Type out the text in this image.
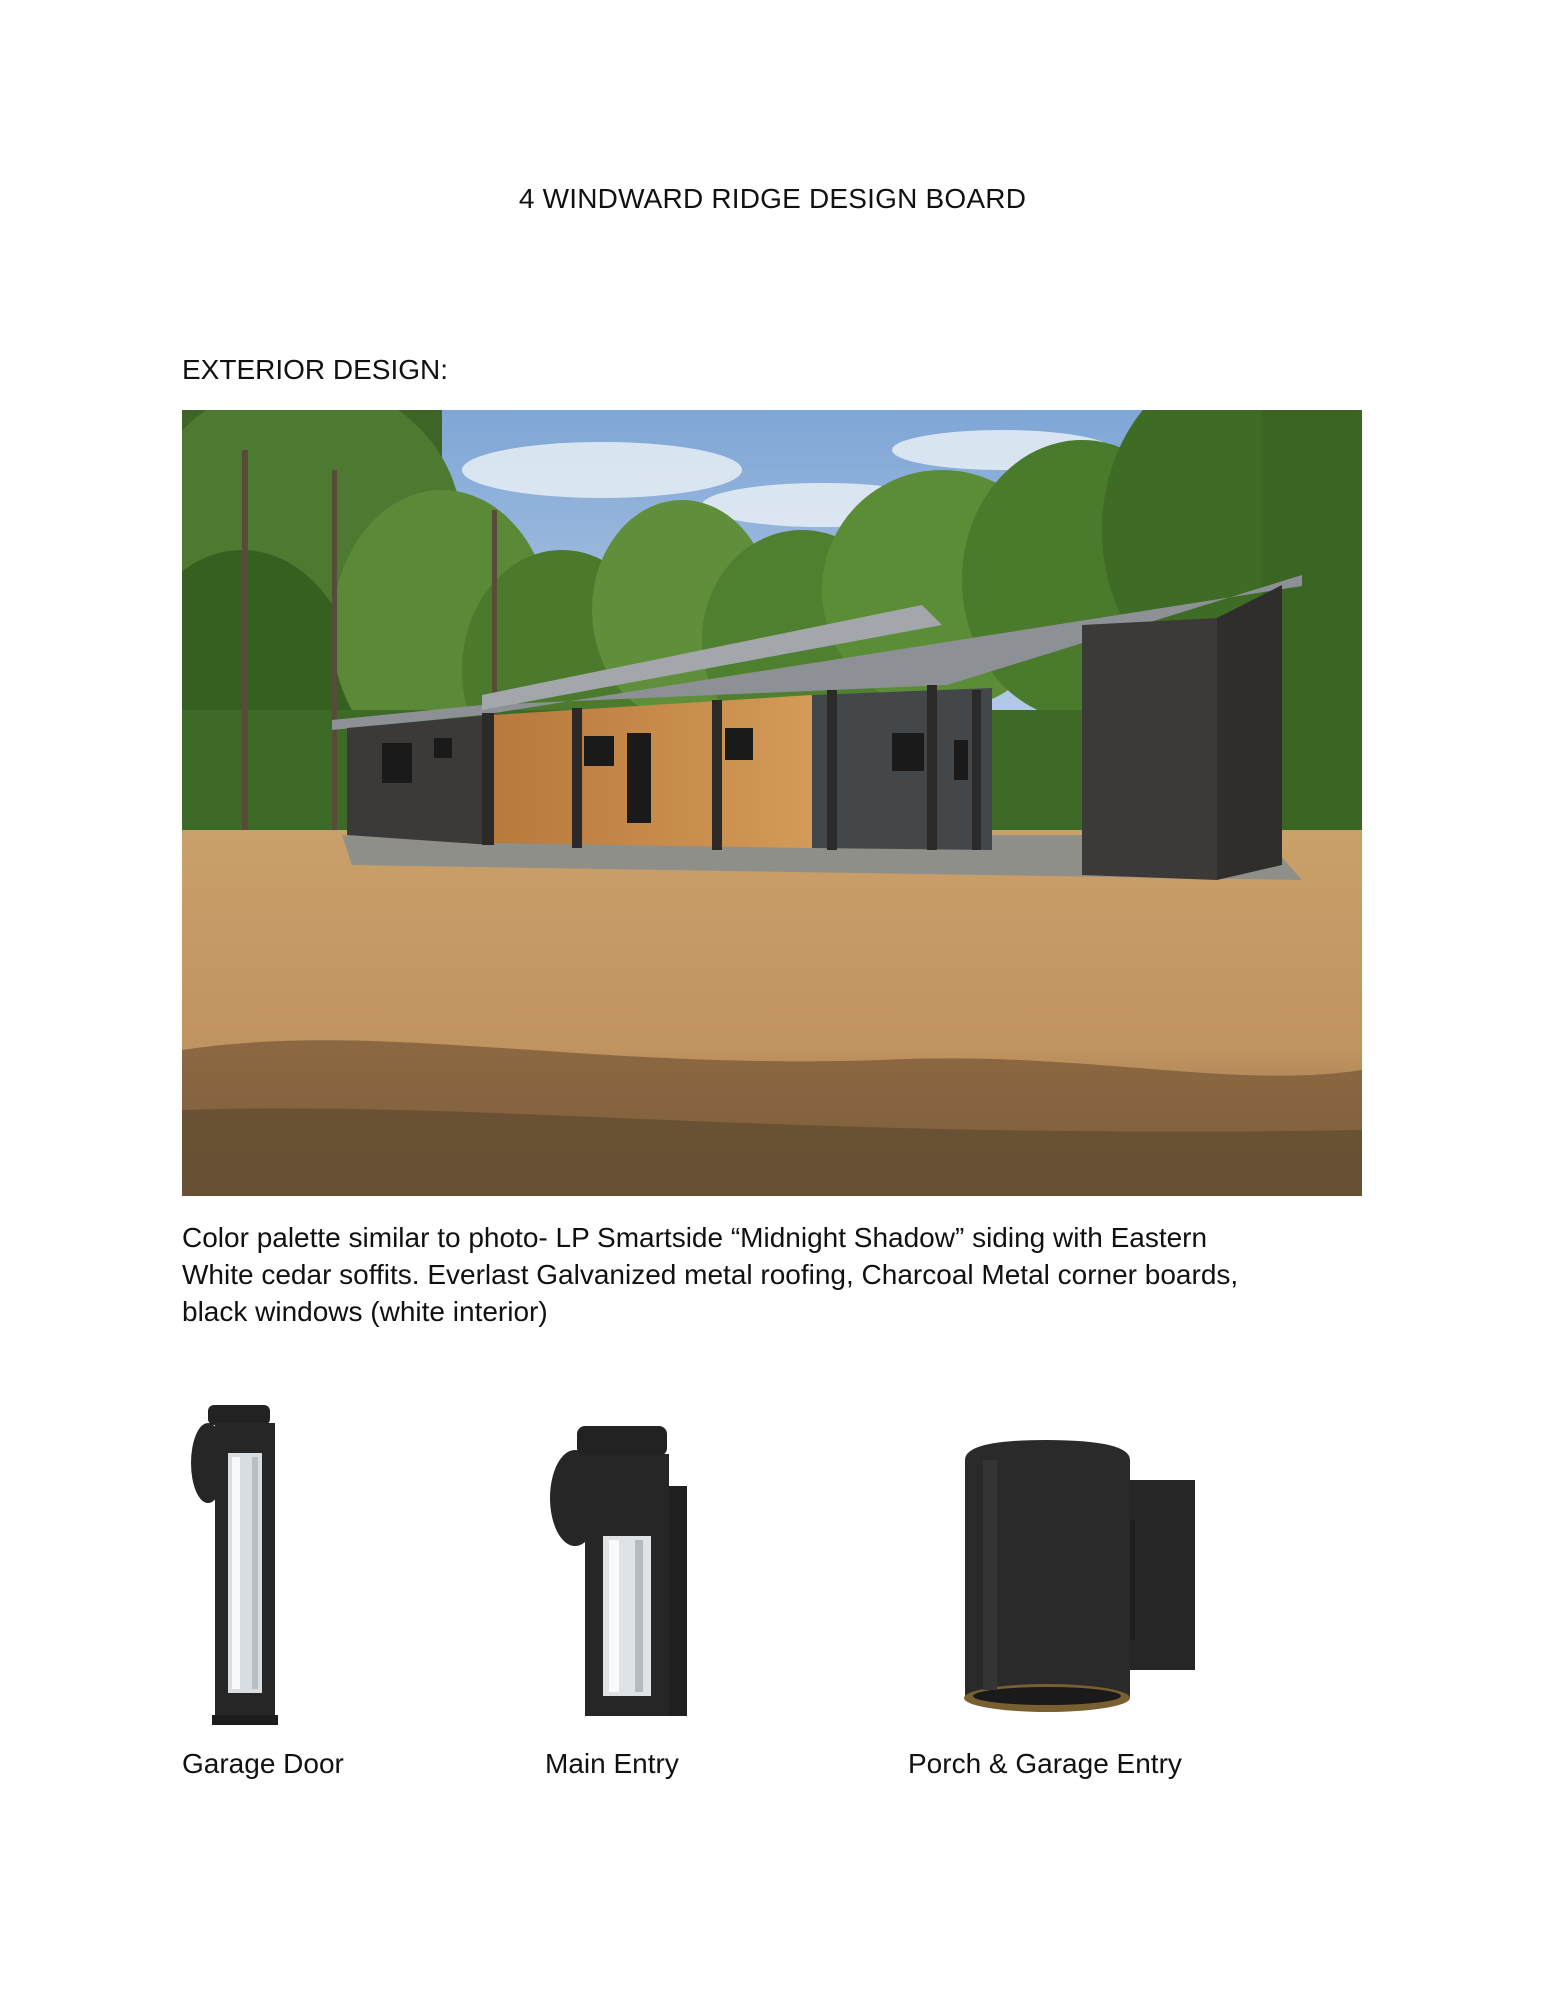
4 WINDWARD RIDGE DESIGN BOARD
EXTERIOR DESIGN:

Color palette similar to photo- LP Smartside “Midnight Shadow” siding with Eastern

White cedar soffits. Everlast Galvanized metal roofing, Charcoal Metal corner boards,

black windows (white interior)

Garage Door	Main Entry	Porch & Garage Entry
